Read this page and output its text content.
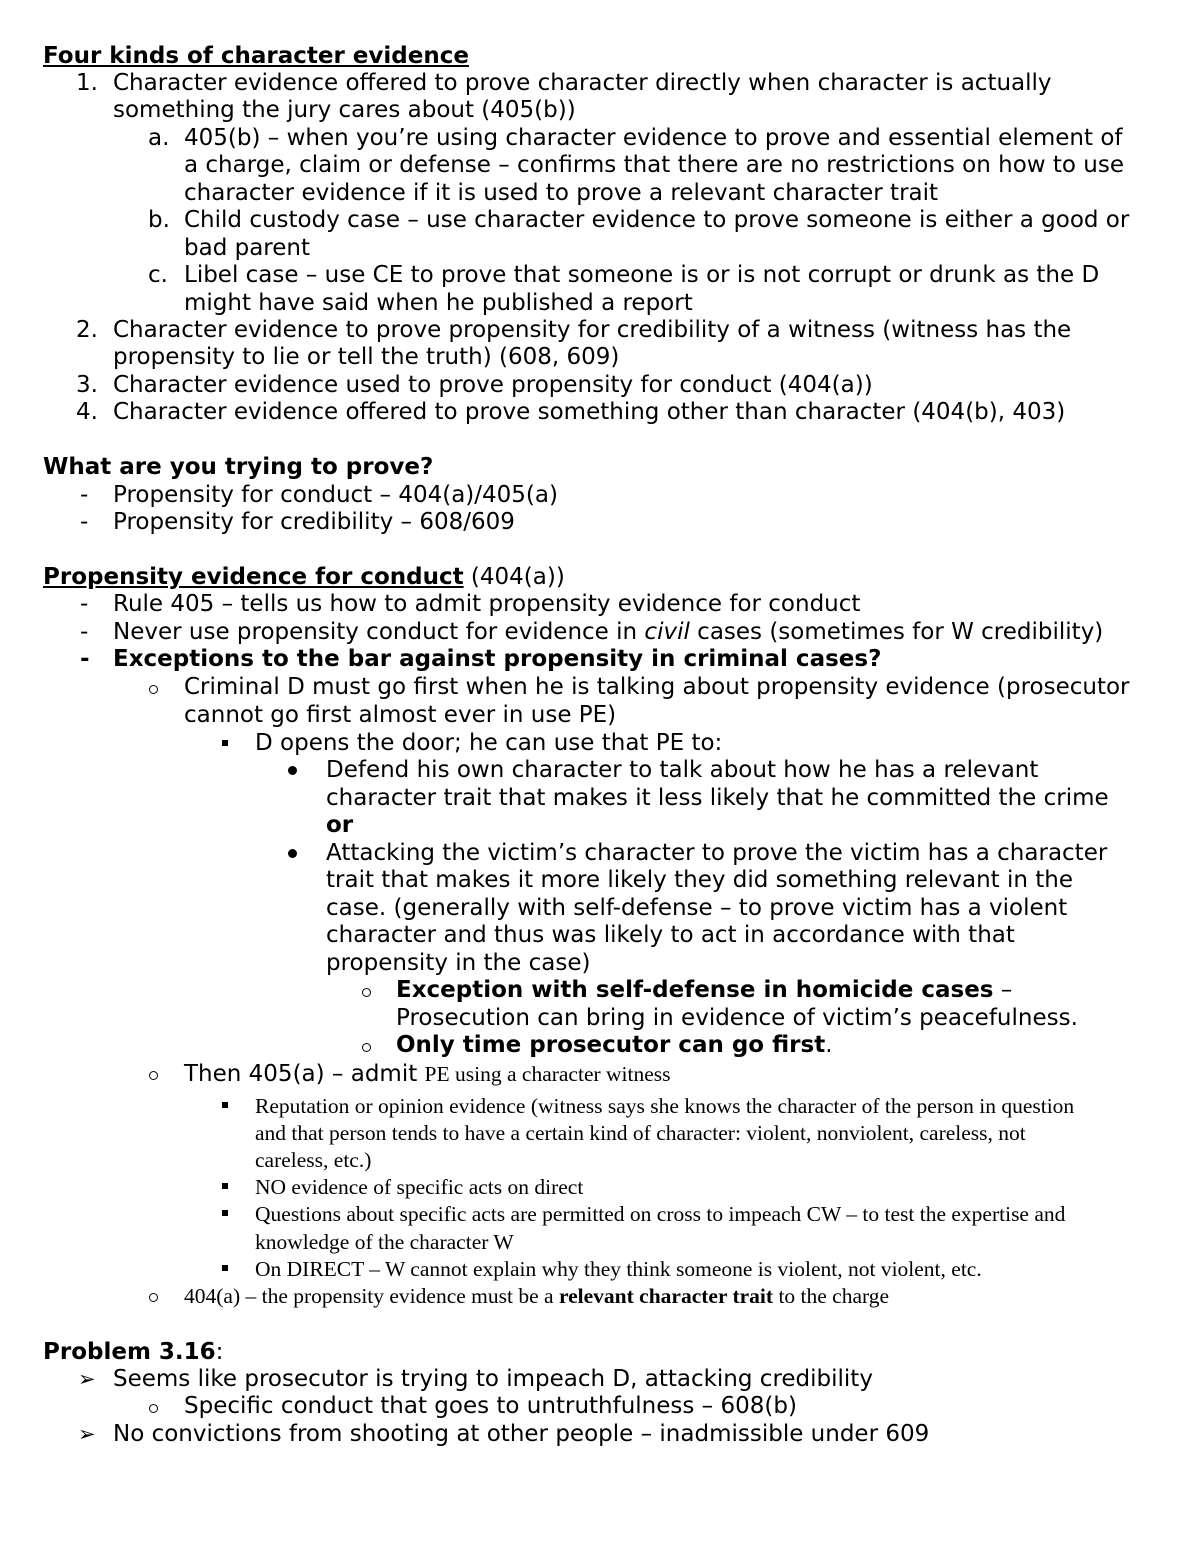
Four kinds of character evidence
1. Character evidence offered to prove character directly when character is actually
something the jury cares about (405(b))
a. 405(b) – when you’re using character evidence to prove and essential element of
a charge, claim or defense – confirms that there are no restrictions on how to use
character evidence if it is used to prove a relevant character trait
b. Child custody case – use character evidence to prove someone is either a good or
bad parent
c. Libel case – use CE to prove that someone is or is not corrupt or drunk as the D
might have said when he published a report
2. Character evidence to prove propensity for credibility of a witness (witness has the
propensity to lie or tell the truth) (608, 609)
3. Character evidence used to prove propensity for conduct (404(a))
4. Character evidence offered to prove something other than character (404(b), 403)
What are you trying to prove?
- Propensity for conduct – 404(a)/405(a)
- Propensity for credibility – 608/609
Propensity evidence for conduct (404(a))
- Rule 405 – tells us how to admit propensity evidence for conduct
- Never use propensity conduct for evidence in civil cases (sometimes for W credibility)
- Exceptions to the bar against propensity in criminal cases?
Criminal D must go first when he is talking about propensity evidence (prosecutor
cannot go first almost ever in use PE)
D opens the door; he can use that PE to:
Defend his own character to talk about how he has a relevant
character trait that makes it less likely that he committed the crime
or
Attacking the victim’s character to prove the victim has a character
trait that makes it more likely they did something relevant in the
case. (generally with self-defense – to prove victim has a violent
character and thus was likely to act in accordance with that
propensity in the case)
Exception with self-defense in homicide cases –
Prosecution can bring in evidence of victim’s peacefulness.
Only time prosecutor can go first.
Then 405(a) – admit PE using a character witness
Reputation or opinion evidence (witness says she knows the character of the person in question
and that person tends to have a certain kind of character: violent, nonviolent, careless, not
careless, etc.)
NO evidence of specific acts on direct
Questions about specific acts are permitted on cross to impeach CW – to test the expertise and
knowledge of the character W
On DIRECT – W cannot explain why they think someone is violent, not violent, etc.
404(a) – the propensity evidence must be a relevant character trait to the charge
Problem 3.16:
➢ Seems like prosecutor is trying to impeach D, attacking credibility
Specific conduct that goes to untruthfulness – 608(b)
➢ No convictions from shooting at other people – inadmissible under 609
